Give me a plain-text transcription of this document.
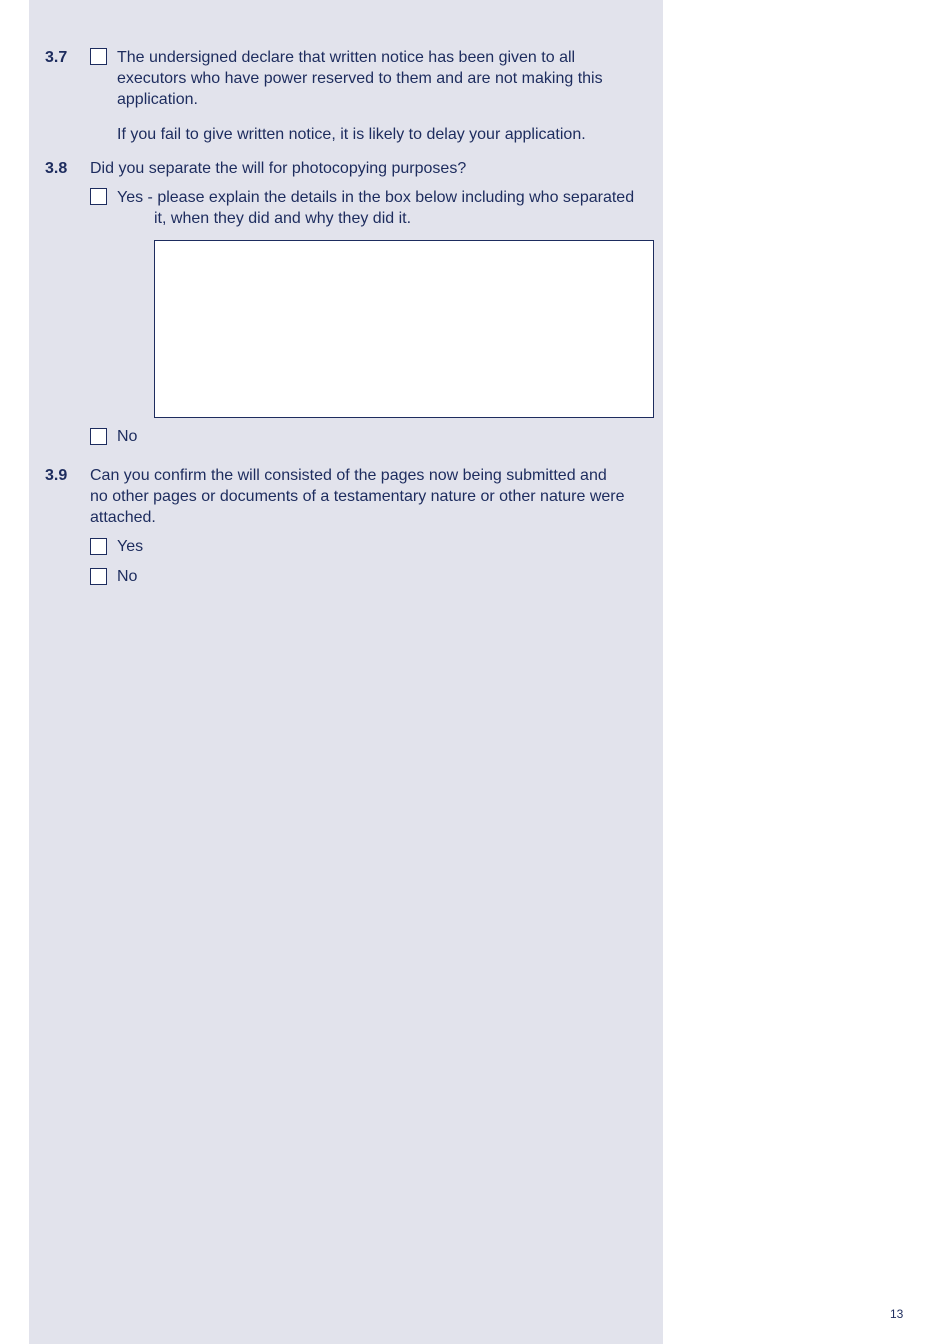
3.7	The undersigned declare that written notice has been given to all
executors who have power reserved to them and are not making this
application.
If you fail to give written notice, it is likely to delay your application.
3.8 Did you separate the will for photocopying purposes?
Yes - please explain the details in the box below including who separated
it, when they did and why they did it.
No
3.9 Can you confirm the will consisted of the pages now being submitted and
no other pages or documents of a testamentary nature or other nature were
attached.
Yes
No
13
